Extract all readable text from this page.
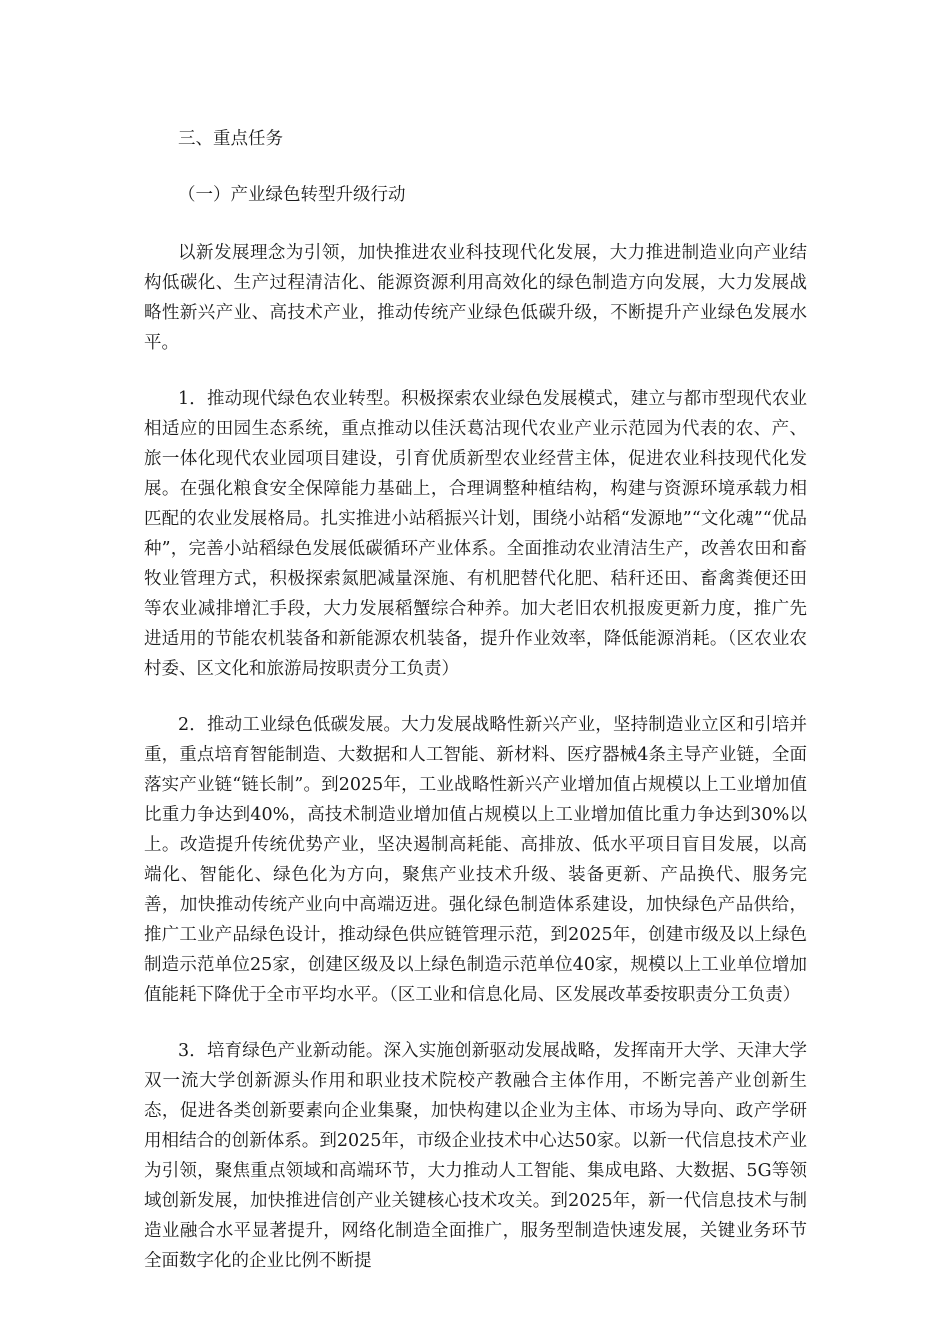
三、重点任务

（一）产业绿色转型升级行动

以新发展理念为引领，加快推进农业科技现代化发展，大力推进制造业向产业结构低碳化、生产过程清洁化、能源资源利用高效化的绿色制造方向发展，大力发展战略性新兴产业、高技术产业，推动传统产业绿色低碳升级，不断提升产业绿色发展水平。

1．推动现代绿色农业转型。积极探索农业绿色发展模式，建立与都市型现代农业相适应的田园生态系统，重点推动以佳沃葛沽现代农业产业示范园为代表的农、产、旅一体化现代农业园项目建设，引育优质新型农业经营主体，促进农业科技现代化发展。在强化粮食安全保障能力基础上，合理调整种植结构，构建与资源环境承载力相匹配的农业发展格局。扎实推进小站稻振兴计划，围绕小站稻“发源地”“文化魂”“优品种”，完善小站稻绿色发展低碳循环产业体系。全面推动农业清洁生产，改善农田和畜牧业管理方式，积极探索氮肥减量深施、有机肥替代化肥、秸秆还田、畜禽粪便还田等农业减排增汇手段，大力发展稻蟹综合种养。加大老旧农机报废更新力度，推广先进适用的节能农机装备和新能源农机装备，提升作业效率，降低能源消耗。（区农业农村委、区文化和旅游局按职责分工负责）

2．推动工业绿色低碳发展。大力发展战略性新兴产业，坚持制造业立区和引培并重，重点培育智能制造、大数据和人工智能、新材料、医疗器械4条主导产业链，全面落实产业链“链长制”。到2025年，工业战略性新兴产业增加值占规模以上工业增加值比重力争达到40%，高技术制造业增加值占规模以上工业增加值比重力争达到30%以上。改造提升传统优势产业，坚决遏制高耗能、高排放、低水平项目盲目发展，以高端化、智能化、绿色化为方向，聚焦产业技术升级、装备更新、产品换代、服务完善，加快推动传统产业向中高端迈进。强化绿色制造体系建设，加快绿色产品供给，推广工业产品绿色设计，推动绿色供应链管理示范，到2025年，创建市级及以上绿色制造示范单位25家，创建区级及以上绿色制造示范单位40家，规模以上工业单位增加值能耗下降优于全市平均水平。（区工业和信息化局、区发展改革委按职责分工负责）

3．培育绿色产业新动能。深入实施创新驱动发展战略，发挥南开大学、天津大学双一流大学创新源头作用和职业技术院校产教融合主体作用，不断完善产业创新生态，促进各类创新要素向企业集聚，加快构建以企业为主体、市场为导向、政产学研用相结合的创新体系。到2025年，市级企业技术中心达50家。以新一代信息技术产业为引领，聚焦重点领域和高端环节，大力推动人工智能、集成电路、大数据、5G等领域创新发展，加快推进信创产业关键核心技术攻关。到2025年，新一代信息技术与制造业融合水平显著提升，网络化制造全面推广，服务型制造快速发展，关键业务环节全面数字化的企业比例不断提
